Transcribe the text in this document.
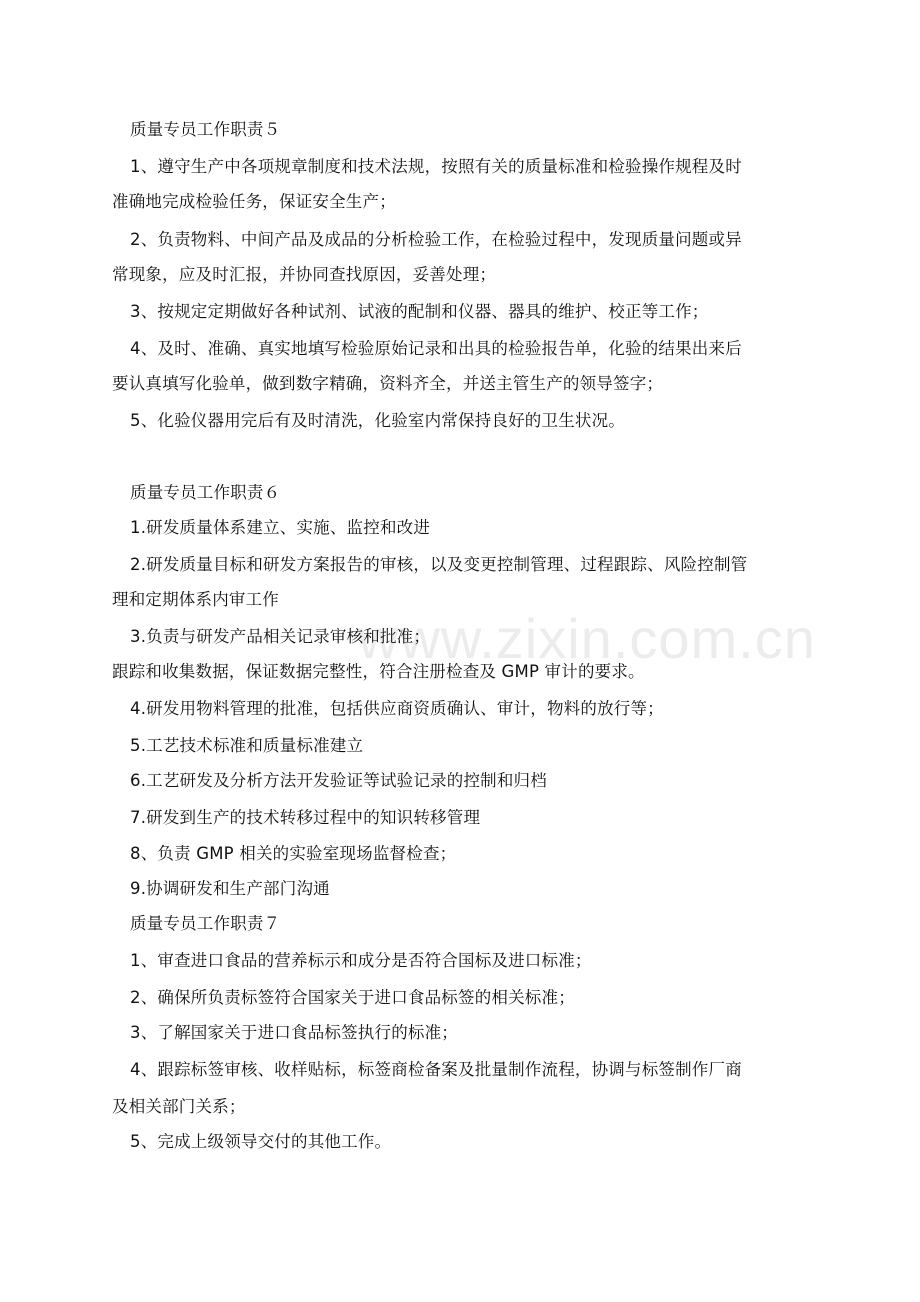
www.zixin.com.cn
质量专员工作职责５
1、遵守生产中各项规章制度和技术法规，按照有关的质量标准和检验操作规程及时
准确地完成检验任务，保证安全生产；
2、负责物料、中间产品及成品的分析检验工作，在检验过程中，发现质量问题或异
常现象，应及时汇报，并协同查找原因，妥善处理；
3、按规定定期做好各种试剂、试液的配制和仪器、器具的维护、校正等工作；
4、及时、准确、真实地填写检验原始记录和出具的检验报告单，化验的结果出来后
要认真填写化验单，做到数字精确，资料齐全，并送主管生产的领导签字；
5、化验仪器用完后有及时清洗，化验室内常保持良好的卫生状况。
质量专员工作职责６
1.研发质量体系建立、实施、监控和改进
2.研发质量目标和研发方案报告的审核，以及变更控制管理、过程跟踪、风险控制管
理和定期体系内审工作
3.负责与研发产品相关记录审核和批准；
跟踪和收集数据，保证数据完整性，符合注册检查及 GMP 审计的要求。
4.研发用物料管理的批准，包括供应商资质确认、审计，物料的放行等；
5.工艺技术标准和质量标准建立
6.工艺研发及分析方法开发验证等试验记录的控制和归档
7.研发到生产的技术转移过程中的知识转移管理
8、负责 GMP 相关的实验室现场监督检查；
9.协调研发和生产部门沟通
质量专员工作职责７
1、审查进口食品的营养标示和成分是否符合国标及进口标准；
2、确保所负责标签符合国家关于进口食品标签的相关标准；
3、了解国家关于进口食品标签执行的标准；
4、跟踪标签审核、收样贴标，标签商检备案及批量制作流程，协调与标签制作厂商
及相关部门关系；
5、完成上级领导交付的其他工作。
